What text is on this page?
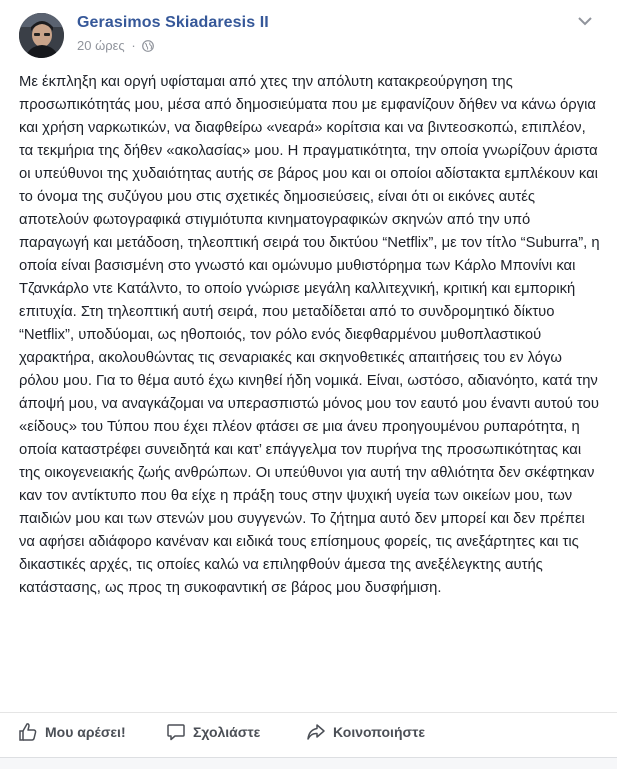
Gerasimos Skiadaresis II
20 ώρες ·

Με έκπληξη και οργή υφίσταμαι από χτες την απόλυτη κατακρεούργηση της προσωπικότητάς μου, μέσα από δημοσιεύματα που με εμφανίζουν δήθεν να κάνω όργια και χρήση ναρκωτικών, να διαφθείρω «νεαρά» κορίτσια και να βιντεοσκοπώ, επιπλέον, τα τεκμήρια της δήθεν «ακολασίας» μου. Η πραγματικότητα, την οποία γνωρίζουν άριστα οι υπεύθυνοι της χυδαιότητας αυτής σε βάρος μου και οι οποίοι αδίστακτα εμπλέκουν και το όνομα της συζύγου μου στις σχετικές δημοσιεύσεις, είναι ότι οι εικόνες αυτές αποτελούν φωτογραφικά στιγμιότυπα κινηματογραφικών σκηνών από την υπό παραγωγή και μετάδοση, τηλεοπτική σειρά του δικτύου “Netflix”, με τον τίτλο “Suburra”, η οποία είναι βασισμένη στο γνωστό και ομώνυμο μυθιστόρημα των Κάρλο Μπονίνι και Τζανκάρλο ντε Κατάλντο, το οποίο γνώρισε μεγάλη καλλιτεχνική, κριτική και εμπορική επιτυχία. Στη τηλεοπτική αυτή σειρά, που μεταδίδεται από το συνδρομητικό δίκτυο “Netflix”, υποδύομαι, ως ηθοποιός, τον ρόλο ενός διεφθαρμένου μυθοπλαστικού χαρακτήρα, ακολουθώντας τις σεναριακές και σκηνοθετικές απαιτήσεις του εν λόγω ρόλου μου. Για το θέμα αυτό έχω κινηθεί ήδη νομικά. Είναι, ωστόσο, αδιανόητο, κατά την άποψή μου, να αναγκάζομαι να υπερασπιστώ μόνος μου τον εαυτό μου έναντι αυτού του «είδους» του Τύπου που έχει πλέον φτάσει σε μια άνευ προηγουμένου ρυπαρότητα, η οποία καταστρέφει συνειδητά και κατ’ επάγγελμα τον πυρήνα της προσωπικότητας και της οικογενειακής ζωής ανθρώπων. Οι υπεύθυνοι για αυτή την αθλιότητα δεν σκέφτηκαν καν τον αντίκτυπο που θα είχε η πράξη τους στην ψυχική υγεία των οικείων μου, των παιδιών μου και των στενών μου συγγενών. Το ζήτημα αυτό δεν μπορεί και δεν πρέπει να αφήσει αδιάφορο κανέναν και ειδικά τους επίσημους φορείς, τις ανεξάρτητες και τις δικαστικές αρχές, τις οποίες καλώ να επιληφθούν άμεσα της ανεξέλεγκτης αυτής κατάστασης, ως προς τη συκοφαντική σε βάρος μου δυσφήμιση.

Μου αρέσει!	Σχολιάστε	Κοινοποιήστε
